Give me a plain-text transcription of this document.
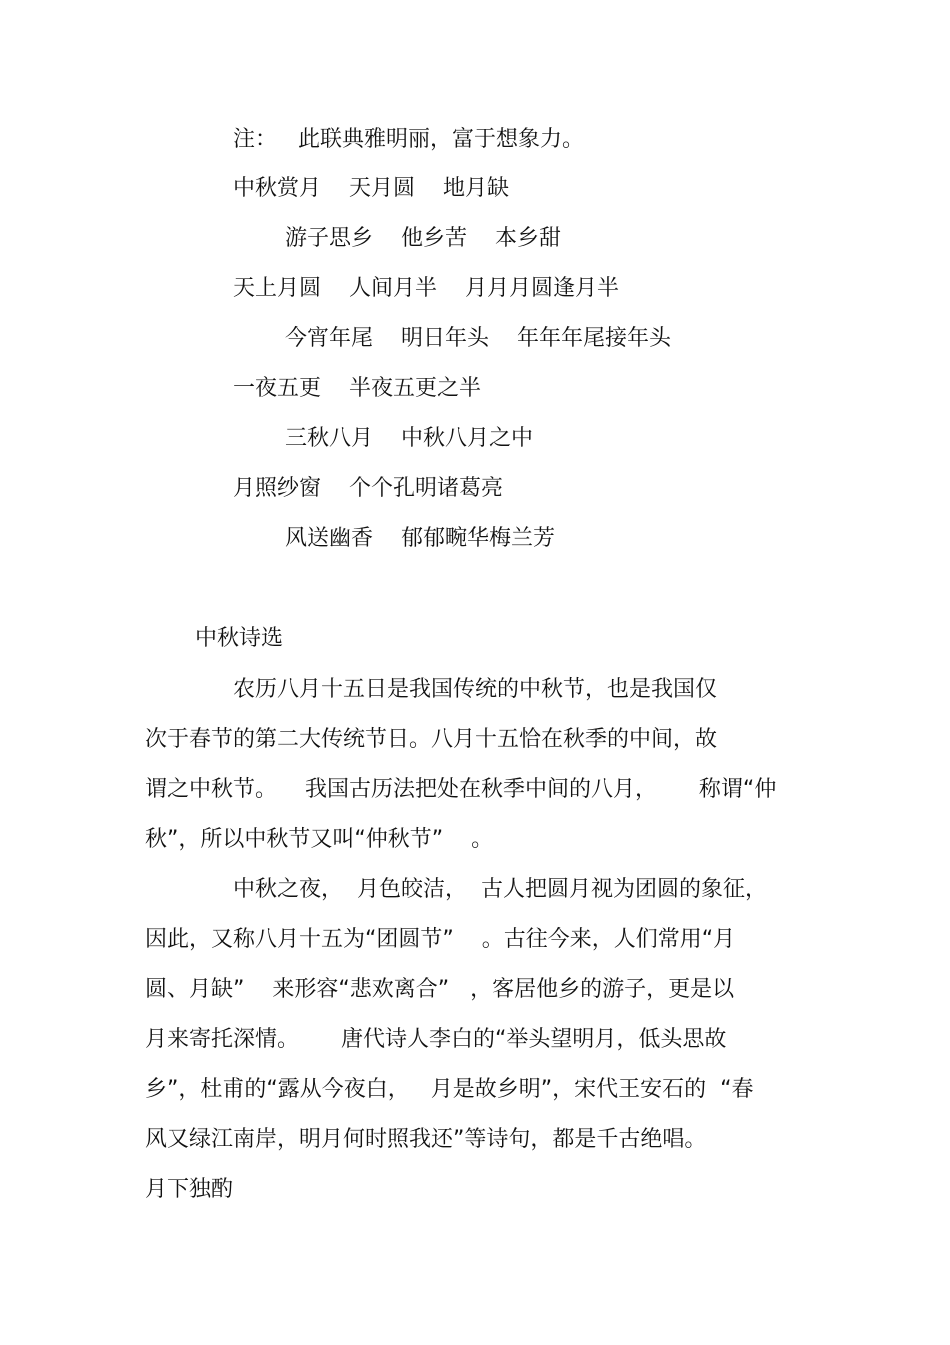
注：   此联典雅明丽，富于想象力。

中秋赏月    天月圆    地月缺

游子思乡    他乡苦    本乡甜

天上月圆    人间月半    月月月圆逢月半

今宵年尾    明日年头    年年年尾接年头

一夜五更    半夜五更之半

三秋八月    中秋八月之中

月照纱窗    个个孔明诸葛亮

风送幽香    郁郁畹华梅兰芳

中秋诗选

农历八月十五日是我国传统的中秋节，也是我国仅

次于春节的第二大传统节日。八月十五恰在秋季的中间，故

谓之中秋节。    我国古历法把处在秋季中间的八月，      称谓“仲

秋”，所以中秋节又叫“仲秋节”    。

中秋之夜，  月色皎洁，  古人把圆月视为团圆的象征，

因此，又称八月十五为“团圆节”    。古往今来，人们常用“月

圆、月缺”    来形容“悲欢离合”   ，客居他乡的游子，更是以

月来寄托深情。      唐代诗人李白的“举头望明月，低头思故

乡”，杜甫的“露从今夜白，   月是故乡明”，宋代王安石的  “春

风又绿江南岸，明月何时照我还”等诗句，都是千古绝唱。

月下独酌
